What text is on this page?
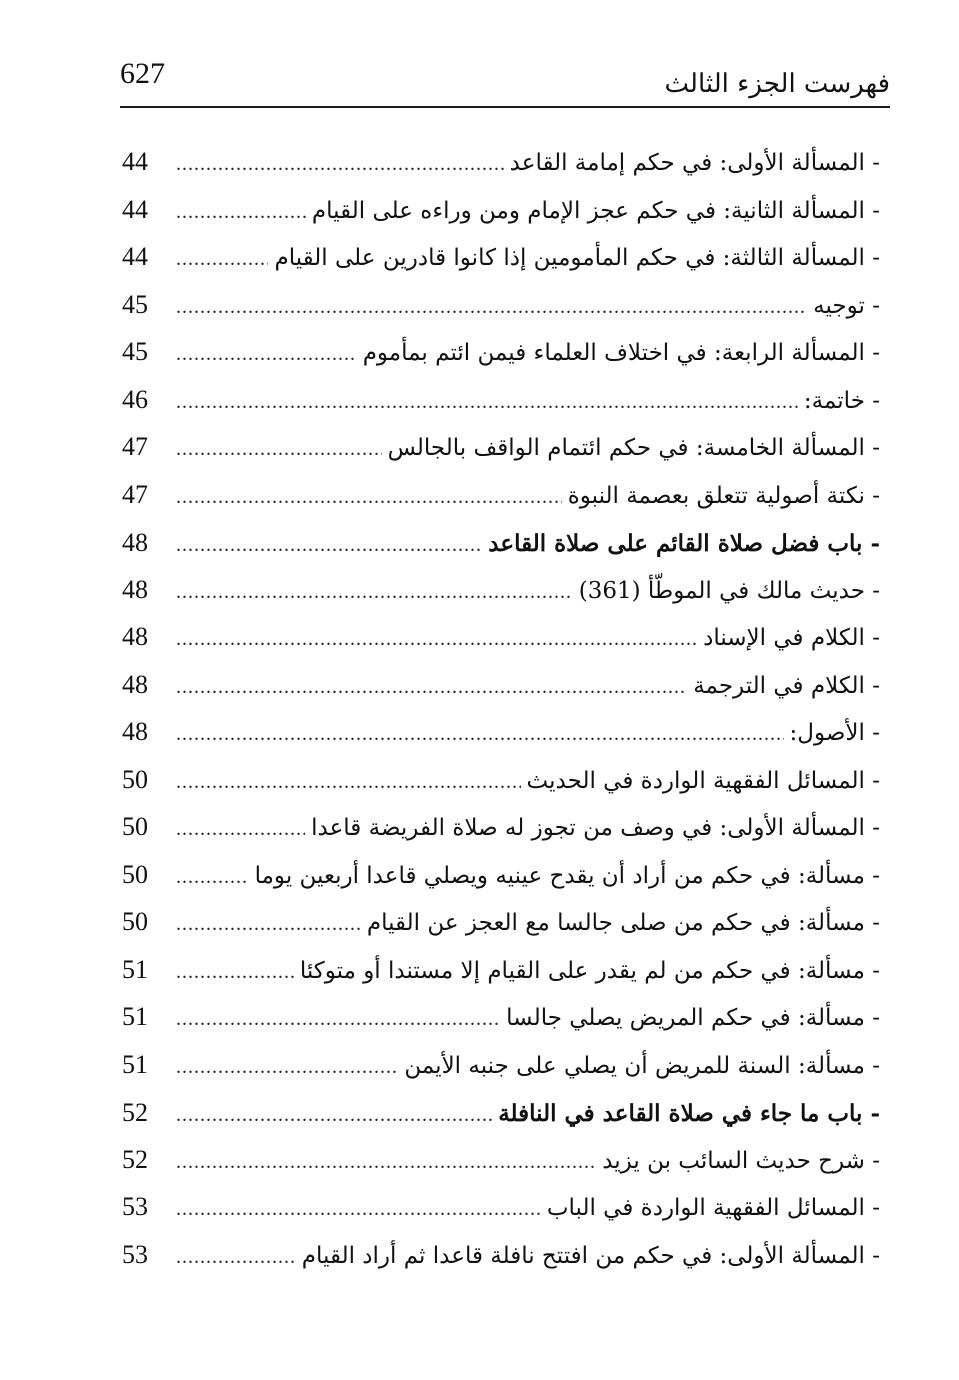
627	فهرست الجزء الثالث
- المسألة الأولى: في حكم إمامة القاعد
.....
44
- المسألة الثانية: في حكم عجز الإمام ومن وراءه على القيام
.....
44
- المسألة الثالثة: في حكم المأمومين إذا كانوا قادرين على القيام
.....
44
- توجيه
.....
45
- المسألة الرابعة: في اختلاف العلماء فيمن ائتم بمأموم
.....
45
- خاتمة:
.....
46
- المسألة الخامسة: في حكم ائتمام الواقف بالجالس
.....
47
- نكتة أصولية تتعلق بعصمة النبوة
.....
47
- باب فضل صلاة القائم على صلاة القاعد
.....
48
- حديث مالك في الموطّأ (361)
.....
48
- الكلام في الإسناد
.....
48
- الكلام في الترجمة
.....
48
- الأصول:
.....
48
- المسائل الفقهية الواردة في الحديث
.....
50
- المسألة الأولى: في وصف من تجوز له صلاة الفريضة قاعدا
.....
50
- مسألة: في حكم من أراد أن يقدح عينيه ويصلي قاعدا أربعين يوما
.....
50
- مسألة: في حكم من صلى جالسا مع العجز عن القيام
.....
50
- مسألة: في حكم من لم يقدر على القيام إلا مستندا أو متوكئا
.....
51
- مسألة: في حكم المريض يصلي جالسا
.....
51
- مسألة: السنة للمريض أن يصلي على جنبه الأيمن
.....
51
- باب ما جاء في صلاة القاعد في النافلة
.....
52
- شرح حديث السائب بن يزيد
.....
52
- المسائل الفقهية الواردة في الباب
.....
53
- المسألة الأولى: في حكم من افتتح نافلة قاعدا ثم أراد القيام
.....
53
